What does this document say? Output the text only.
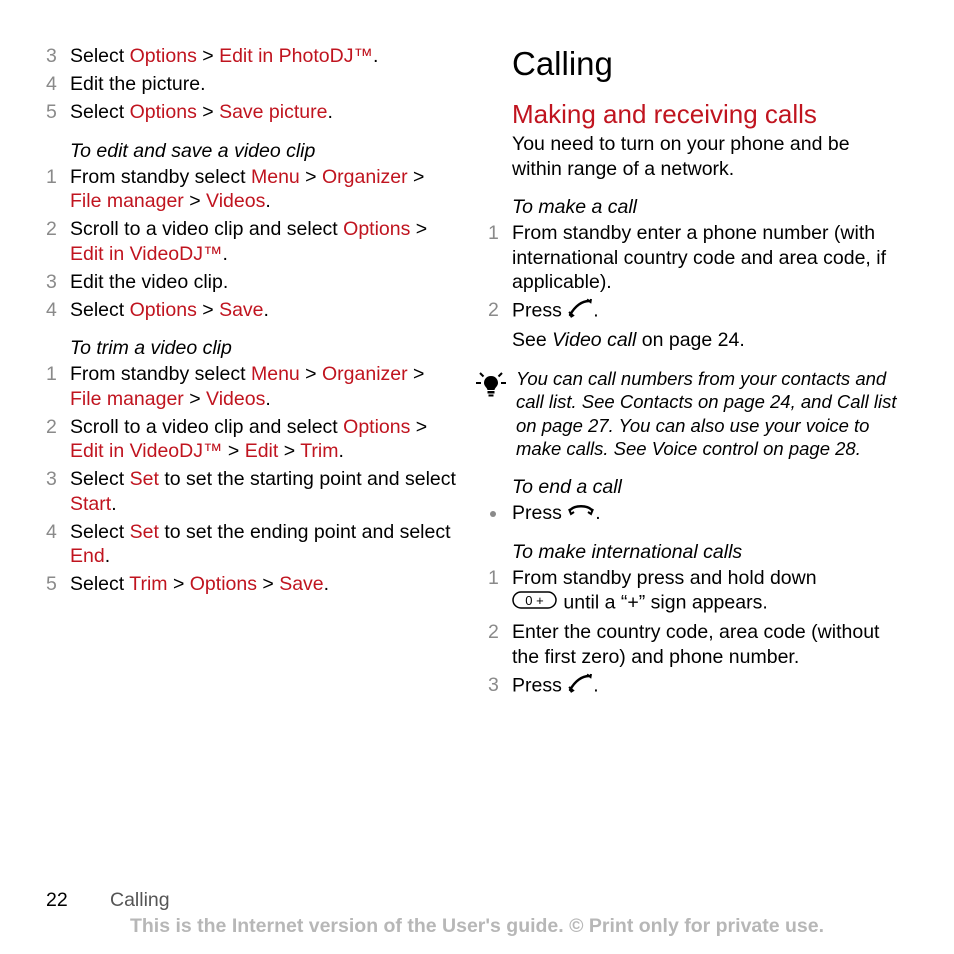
3 Select Options > Edit in PhotoDJ™.
4 Edit the picture.
5 Select Options > Save picture.
To edit and save a video clip
1 From standby select Menu > Organizer > File manager > Videos.
2 Scroll to a video clip and select Options > Edit in VideoDJ™.
3 Edit the video clip.
4 Select Options > Save.
To trim a video clip
1 From standby select Menu > Organizer > File manager > Videos.
2 Scroll to a video clip and select Options > Edit in VideoDJ™ > Edit > Trim.
3 Select Set to set the starting point and select Start.
4 Select Set to set the ending point and select End.
5 Select Trim > Options > Save.
Calling
Making and receiving calls
You need to turn on your phone and be within range of a network.
To make a call
1 From standby enter a phone number (with international country code and area code, if applicable).
2 Press .
See Video call on page 24.
You can call numbers from your contacts and call list. See Contacts on page 24, and Call list on page 27. You can also use your voice to make calls. See Voice control on page 28.
To end a call
Press .
To make international calls
1 From standby press and hold down

0 + until a “+” sign appears.
2 Enter the country code, area code (without the first zero) and phone number.
3 Press .
22 Calling
This is the Internet version of the User's guide. © Print only for private use.
